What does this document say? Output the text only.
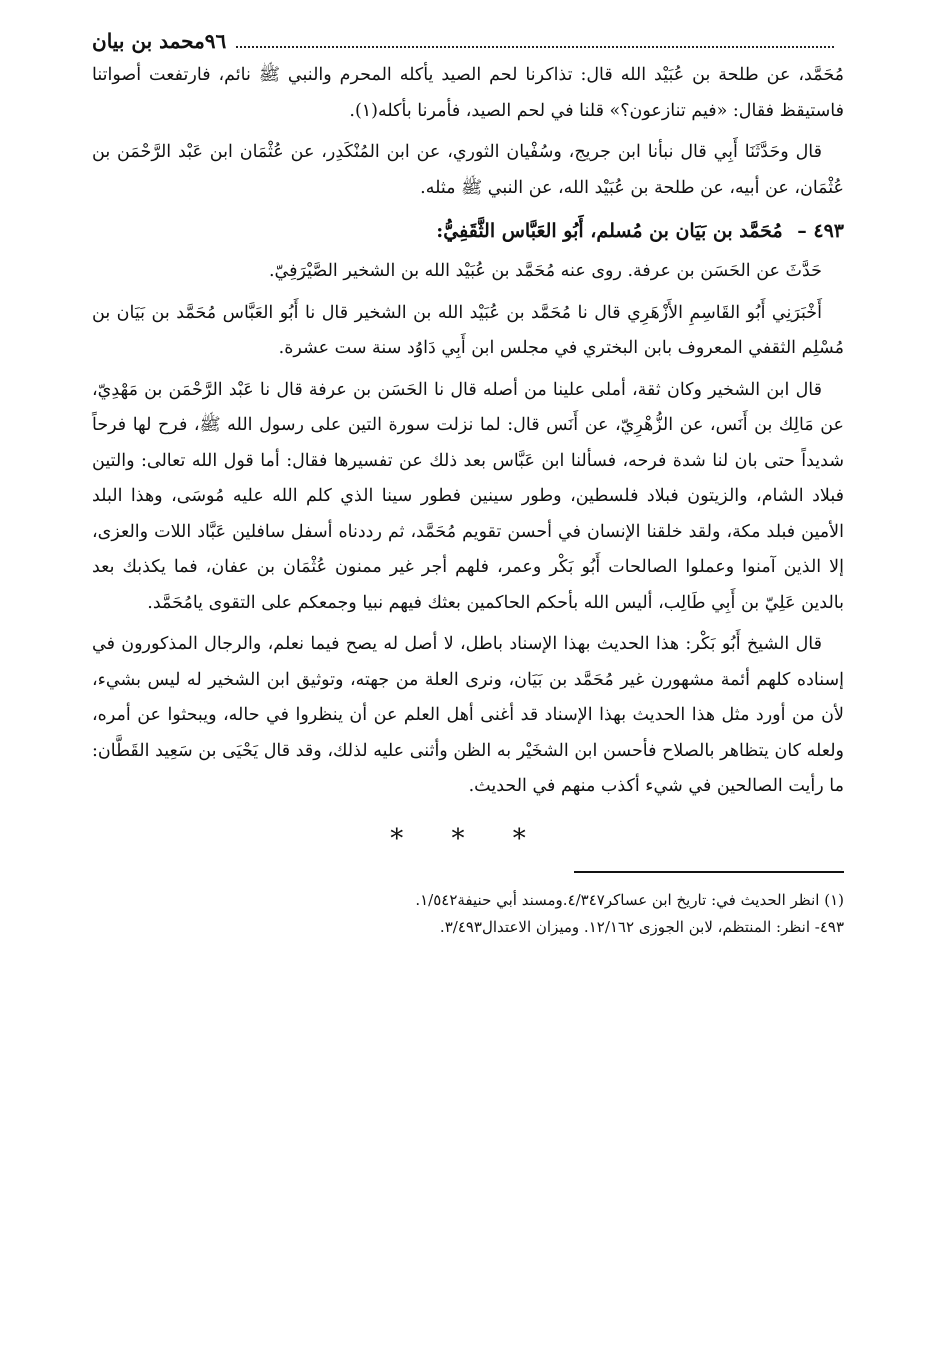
محمد بن بيان ٩٦

مُحَمَّد، عن طلحة بن عُبَيْد الله قال: تذاكرنا لحم الصيد يأكله المحرم والنبي ﷺ نائم، فارتفعت أصواتنا فاستيقظ فقال: «فيم تنازعون؟» قلنا في لحم الصيد، فأمرنا بأكله(١).

قال وحَدَّثَنَا أَبِي قال نبأنا ابن جريج، وسُفْيان الثوري، عن ابن المُنْكَدِر، عن عُثْمَان ابن عَبْد الرَّحْمَن بن عُثْمَان، عن أبيه، عن طلحة بن عُبَيْد الله، عن النبي ﷺ مثله.

٤٩٣ – مُحَمَّد بن بَيَان بن مُسلم، أَبُو العَبَّاس الثَّقَفِيُّ:

حَدَّثَ عن الحَسَن بن عرفة. روى عنه مُحَمَّد بن عُبَيْد الله بن الشخير الصَّيْرَفِيّ.

أَخْبَرَنِي أَبُو القَاسِمِ الأَزْهَرِي قال نا مُحَمَّد بن عُبَيْد الله بن الشخير قال نا أَبُو العَبَّاس مُحَمَّد بن بَيَان بن مُسْلِم الثقفي المعروف بابن البختري في مجلس ابن أَبِي دَاوُد سنة ست عشرة.

قال ابن الشخير وكان ثقة، أملى علينا من أصله قال نا الحَسَن بن عرفة قال نا عَبْد الرَّحْمَن بن مَهْدِيّ، عن مَالِك بن أَنَس، عن الزُّهْرِيّ، عن أَنَس قال: لما نزلت سورة التين على رسول الله ﷺ، فرح لها فرحاً شديداً حتى بان لنا شدة فرحه، فسألنا ابن عَبَّاس بعد ذلك عن تفسيرها فقال: أما قول الله تعالى: والتين فبلاد الشام، والزيتون فبلاد فلسطين، وطور سينين فطور سينا الذي كلم الله عليه مُوسَى، وهذا البلد الأمين فبلد مكة، ولقد خلقنا الإنسان في أحسن تقويم مُحَمَّد، ثم رددناه أسفل سافلين عَبَّاد اللات والعزى، إلا الذين آمنوا وعملوا الصالحات أَبُو بَكْر وعمر، فلهم أجر غير ممنون عُثْمَان بن عفان، فما يكذبك بعد بالدين عَلِيّ بن أَبِي طَالِب، أليس الله بأحكم الحاكمين بعثك فيهم نبيا وجمعكم على التقوى يامُحَمَّد.

قال الشيخ أَبُو بَكْر: هذا الحديث بهذا الإسناد باطل، لا أصل له يصح فيما نعلم، والرجال المذكورون في إسناده كلهم أئمة مشهورن غير مُحَمَّد بن بَيَان، ونرى العلة من جهته، وتوثيق ابن الشخير له ليس بشيء، لأن من أورد مثل هذا الحديث بهذا الإسناد قد أغنى أهل العلم عن أن ينظروا في حاله، ويبحثوا عن أمره، ولعله كان يتظاهر بالصلاح فأحسن ابن الشخَيْر به الظن وأثنى عليه لذلك، وقد قال يَحْيَى بن سَعِيد القَطَّان: ما رأيت الصالحين في شيء أكذب منهم في الحديث.

* * *

(١) انظر الحديث في: تاريخ ابن عساكر٤/٣٤٧.ومسند أبي حنيفة١/٥٤٢.

٤٩٣- انظر: المنتظم، لابن الجوزى ١٢/١٦٢. وميزان الاعتدال٣/٤٩٣.
